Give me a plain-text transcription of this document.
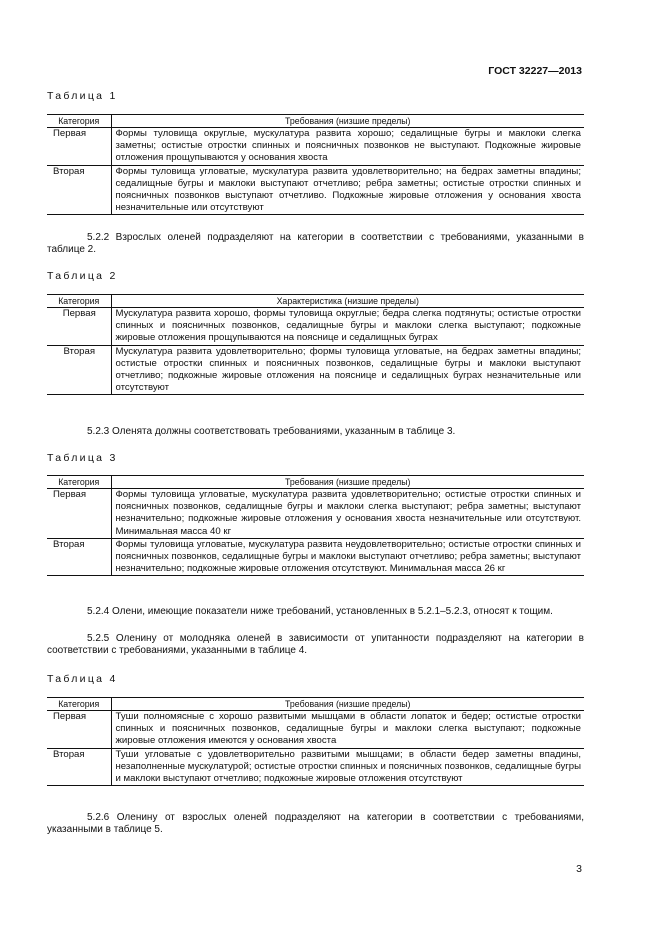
ГОСТ 32227—2013
Таблица 1
Категория	Требования (низшие пределы)
Первая	Формы туловища округлые, мускулатура развита хорошо; седалищные бугры и маклоки слегка заметны; остистые отростки спинных и поясничных позвонков не выступают. Подкожные жировые отложения прощупываются у основания хвоста
Вторая	Формы туловища угловатые, мускулатура развита удовлетворительно; на бедрах заметны впадины; седалищные бугры и маклоки выступают отчетливо; ребра заметны; остистые отростки спинных и поясничных позвонков выступают отчетливо. Подкожные жировые отложения у основания хвоста незначительные или отсутствуют

5.2.2 Взрослых оленей подразделяют на категории в соответствии с требованиями, указанными в таблице 2.

Таблица 2
Категория	Характеристика (низшие пределы)
Первая	Мускулатура развита хорошо, формы туловища округлые; бедра слегка подтянуты; остистые отростки спинных и поясничных позвонков, седалищные бугры и маклоки слегка выступают; подкожные жировые отложения прощупываются на пояснице и седалищных буграх
Вторая	Мускулатура развита удовлетворительно; формы туловища угловатые, на бедрах заметны впадины; остистые отростки спинных и поясничных позвонков, седалищные бугры и маклоки выступают отчетливо; подкожные жировые отложения на пояснице и седалищных буграх незначительные или отсутствуют

5.2.3 Оленята должны соответствовать требованиями, указанным в таблице 3.

Таблица 3
Категория	Требования (низшие пределы)
Первая	Формы туловища угловатые, мускулатура развита удовлетворительно; остистые отростки спинных и поясничных позвонков, седалищные бугры и маклоки слегка выступают; ребра заметны; выступают незначительно; подкожные жировые отложения у основания хвоста незначительные или отсутствуют. Минимальная масса 40 кг
Вторая	Формы туловища угловатые, мускулатура развита неудовлетворительно; остистые отростки спинных и поясничных позвонков, седалищные бугры и маклоки выступают отчетливо; ребра заметны; выступают незначительно; подкожные жировые отложения отсутствуют. Минимальная масса 26 кг

5.2.4 Олени, имеющие показатели ниже требований, установленных в 5.2.1–5.2.3, относят к тощим.

5.2.5 Оленину от молодняка оленей в зависимости от упитанности подразделяют на категории в соответствии с требованиями, указанными в таблице 4.

Таблица 4
Категория	Требования (низшие пределы)
Первая	Туши полномясные с хорошо развитыми мышцами в области лопаток и бедер; остистые отростки спинных и поясничных позвонков, седалищные бугры и маклоки слегка выступают; подкожные жировые отложения имеются у основания хвоста
Вторая	Туши угловатые с удовлетворительно развитыми мышцами; в области бедер заметны впадины, незаполненные мускулатурой; остистые отростки спинных и поясничных позвонков, седалищные бугры и маклоки выступают отчетливо; подкожные жировые отложения отсутствуют

5.2.6 Оленину от взрослых оленей подразделяют на категории в соответствии с требованиями, указанными в таблице 5.

3
